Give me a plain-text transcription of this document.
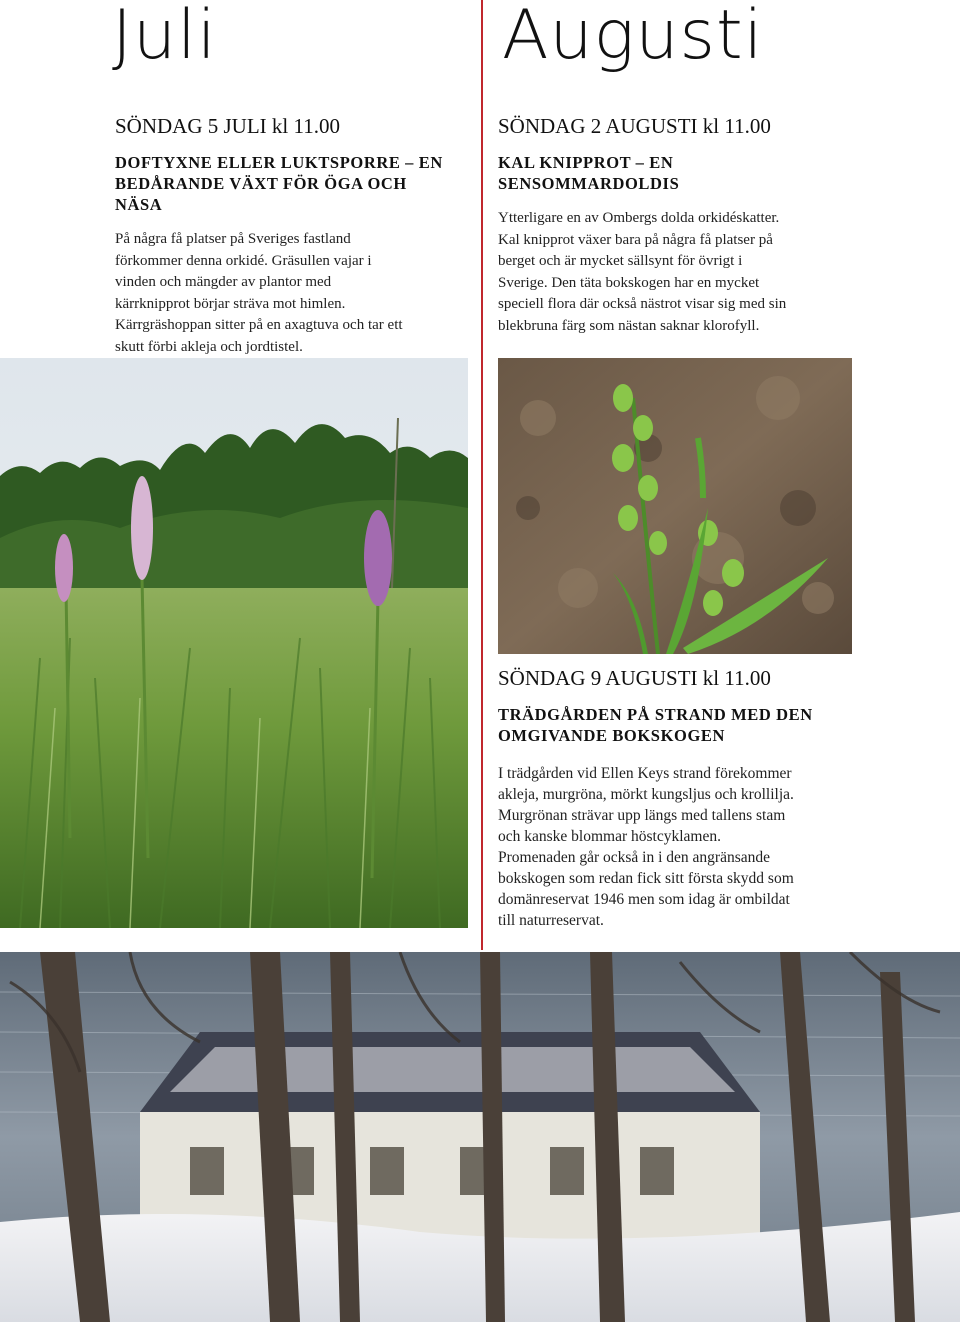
Juli	Augusti
SÖNDAG 5 JULI kl 11.00
DOFTYXNE ELLER LUKTSPORRE – EN
BEDÅRANDE VÄXT FÖR ÖGA OCH
NÄSA
På några få platser på Sveriges fastland
förkommer denna orkidé. Gräsullen vajar i
vinden och mängder av plantor med
kärrknipprot börjar sträva mot himlen.
Kärrgräshoppan sitter på en axagtuva och tar ett
skutt förbi akleja och jordtistel.
SÖNDAG 2 AUGUSTI kl 11.00
KAL KNIPPROT – EN
SENSOMMARDOLDIS
Ytterligare en av Ombergs dolda orkidéskatter.
Kal knipprot växer bara på några få platser på
berget och är mycket sällsynt för övrigt i
Sverige. Den täta bokskogen har en mycket
speciell flora där också nästrot visar sig med sin
blekbruna färg som nästan saknar klorofyll.
SÖNDAG 9 AUGUSTI kl 11.00
TRÄDGÅRDEN PÅ STRAND MED DEN
OMGIVANDE BOKSKOGEN
I trädgården vid Ellen Keys strand förekommer
akleja, murgröna, mörkt kungsljus och krollilja.
Murgrönan strävar upp längs med tallens stam
och kanske blommar höstcyklamen.
Promenaden går också in i den angränsande
bokskogen som redan fick sitt första skydd som
domänreservat 1946 men som idag är ombildat
till naturreservat.
